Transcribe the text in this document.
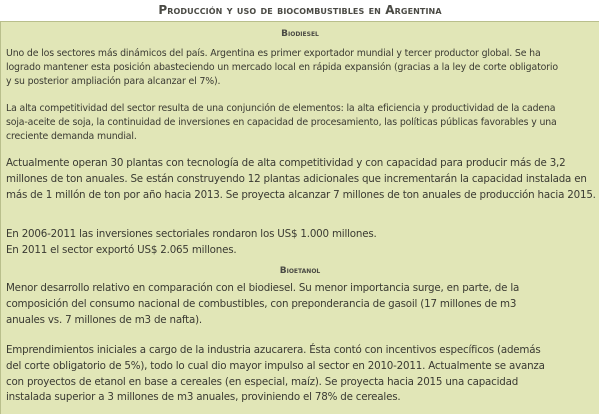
Producción y uso de biocombustibles en Argentina
Biodiesel
Uno de los sectores más dinámicos del país. Argentina es primer exportador mundial y tercer productor global. Se ha
logrado mantener esta posición abasteciendo un mercado local en rápida expansión (gracias a la ley de corte obligatorio
y su posterior ampliación para alcanzar el 7%).
La alta competitividad del sector resulta de una conjunción de elementos: la alta eficiencia y productividad de la cadena
soja-aceite de soja, la continuidad de inversiones en capacidad de procesamiento, las políticas públicas favorables y una
creciente demanda mundial.
Actualmente operan 30 plantas con tecnología de alta competitividad y con capacidad para producir más de 3,2
millones de ton anuales. Se están construyendo 12 plantas adicionales que incrementarán la capacidad instalada en
más de 1 millón de ton por año hacia 2013. Se proyecta alcanzar 7 millones de ton anuales de producción hacia 2015.
En 2006-2011 las inversiones sectoriales rondaron los US$ 1.000 millones.
En 2011 el sector exportó US$ 2.065 millones.
Bioetanol
Menor desarrollo relativo en comparación con el biodiesel. Su menor importancia surge, en parte, de la
composición del consumo nacional de combustibles, con preponderancia de gasoil (17 millones de m3
anuales vs. 7 millones de m3 de nafta).
Emprendimientos iniciales a cargo de la industria azucarera. Ésta contó con incentivos específicos (además
del corte obligatorio de 5%), todo lo cual dio mayor impulso al sector en 2010-2011. Actualmente se avanza
con proyectos de etanol en base a cereales (en especial, maíz). Se proyecta hacia 2015 una capacidad
instalada superior a 3 millones de m3 anuales, proviniendo el 78% de cereales.
